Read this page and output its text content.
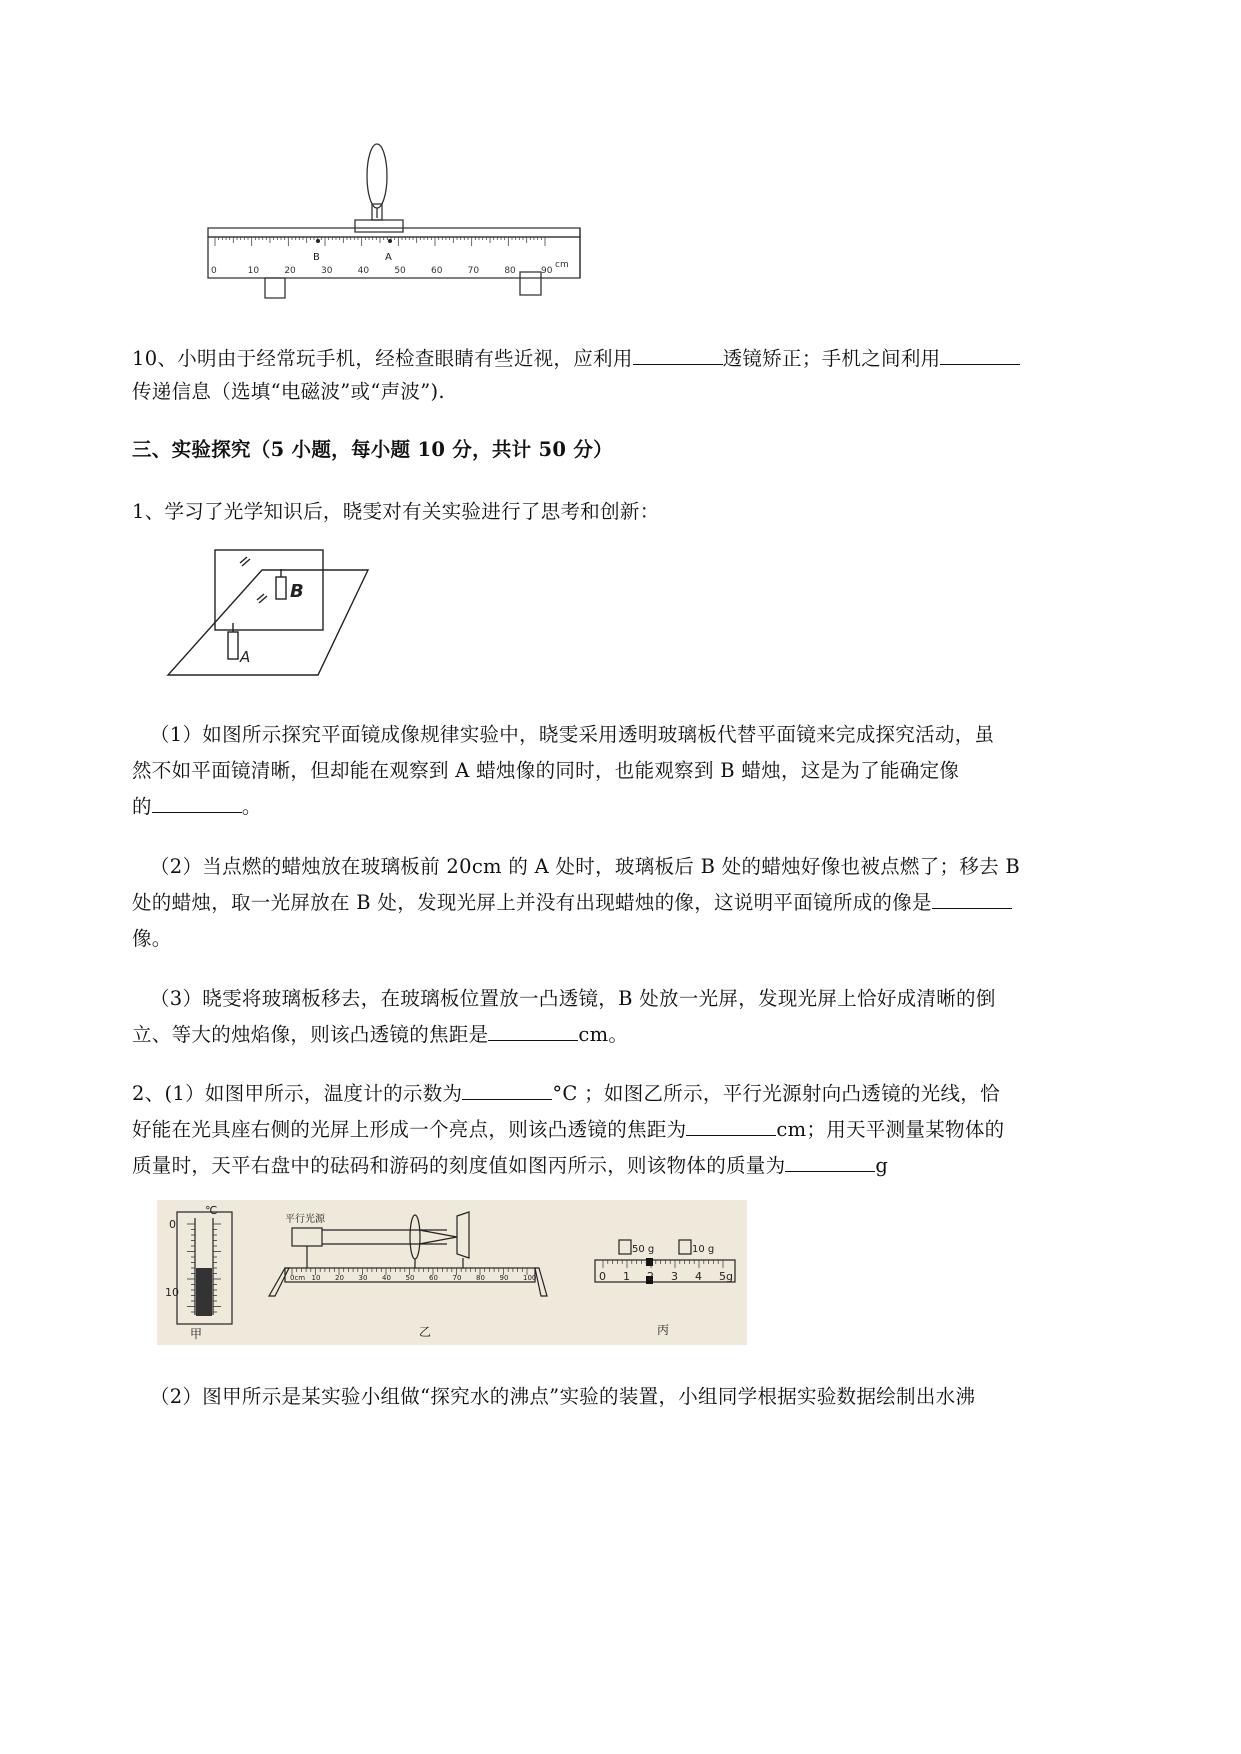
B	A
0	10	20	30	40	50	60	70	80	90
cm
10、小明由于经常玩手机，经检查眼睛有些近视，应利用	透镜矫正；手机之间利用
传递信息（选填“电磁波”或“声波”).
三、实验探究（5 小题，每小题 10 分，共计 50 分）
1、学习了光学知识后，晓雯对有关实验进行了思考和创新：
B
A
（1）如图所示探究平面镜成像规律实验中，晓雯采用透明玻璃板代替平面镜来完成探究活动，虽
然不如平面镜清晰，但却能在观察到 A 蜡烛像的同时，也能观察到 B 蜡烛，这是为了能确定像
的	。
（2）当点燃的蜡烛放在玻璃板前 20cm 的 A 处时，玻璃板后 B 处的蜡烛好像也被点燃了；移去 B
处的蜡烛，取一光屏放在 B 处，发现光屏上并没有出现蜡烛的像，这说明平面镜所成的像是
像。
（3）晓雯将玻璃板移去，在玻璃板位置放一凸透镜，B 处放一光屏，发现光屏上恰好成清晰的倒
立、等大的烛焰像，则该凸透镜的焦距是	cm。
2、(1）如图甲所示，温度计的示数为	°C ；如图乙所示，平行光源射向凸透镜的光线，恰
好能在光具座右侧的光屏上形成一个亮点，则该凸透镜的焦距为	cm；用天平测量某物体的
质量时，天平右盘中的砝码和游码的刻度值如图丙所示，则该物体的质量为	g
℃
0
10
甲
0cm 10 20 30 40 50 60 70 80 90 100
平行光源
乙
50 g	10 g
0 1 2 3 4 5g
丙
（2）图甲所示是某实验小组做“探究水的沸点”实验的装置，小组同学根据实验数据绘制出水沸
